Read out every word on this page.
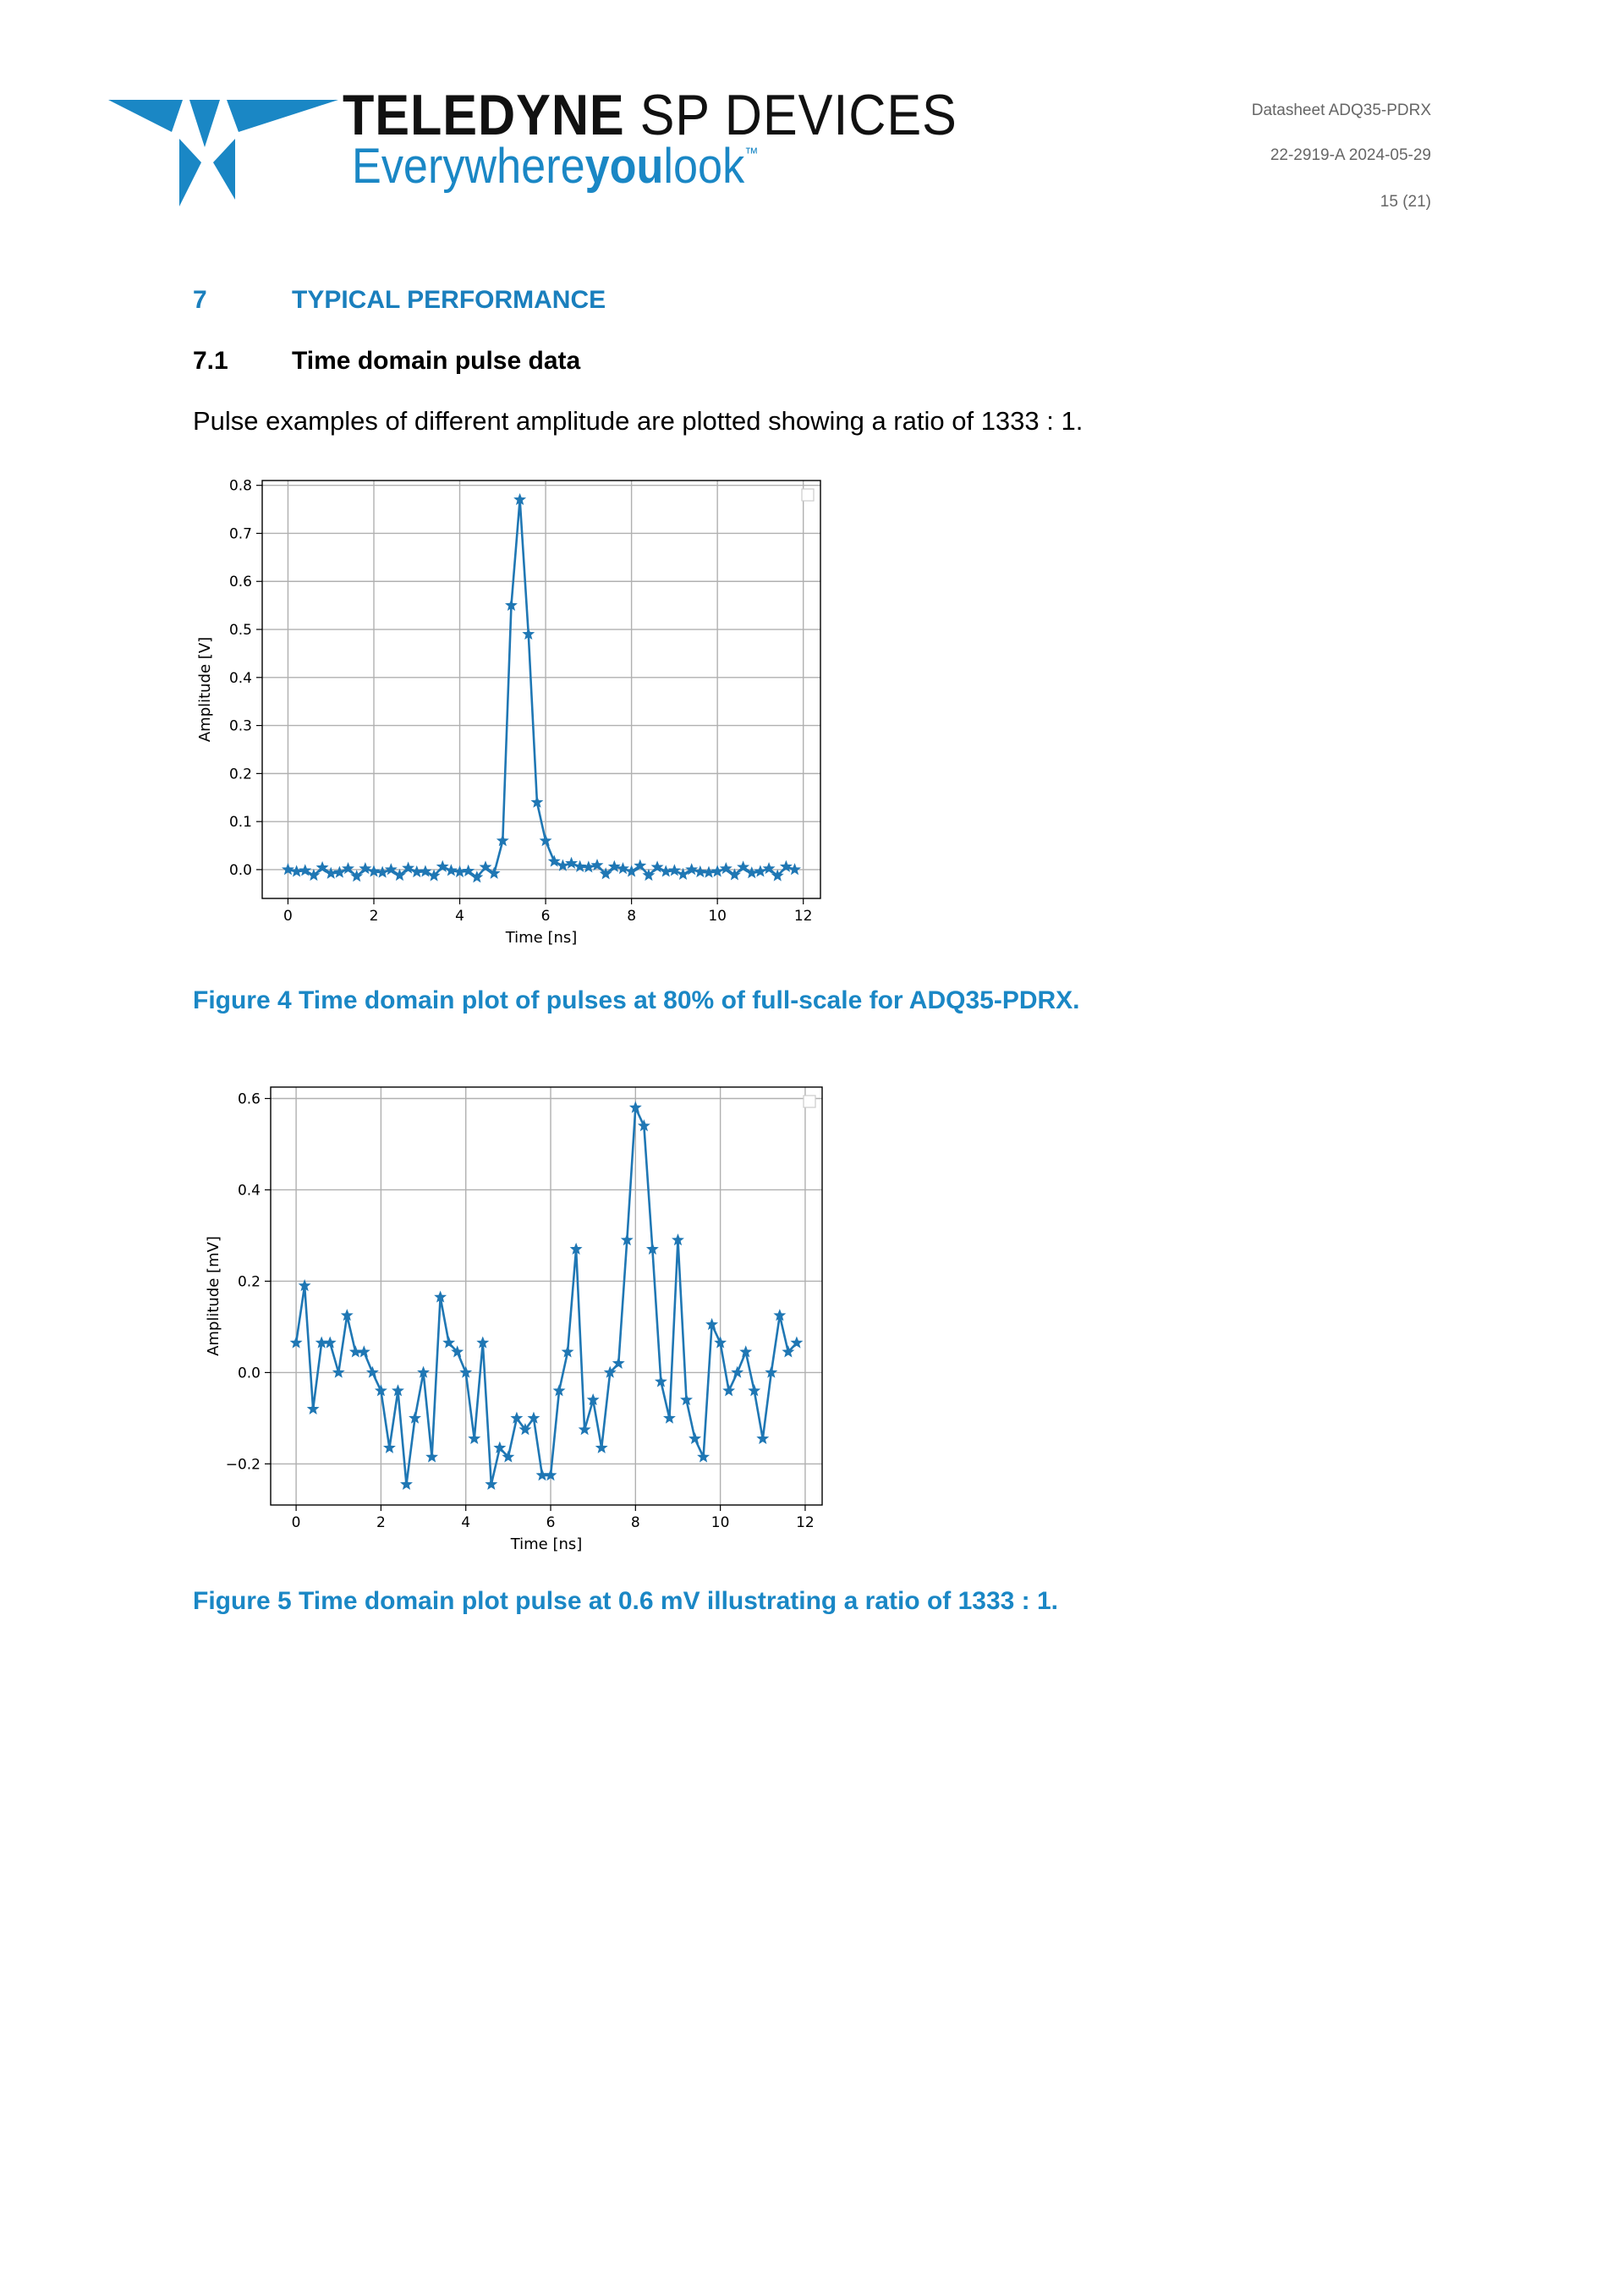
TELEDYNE SP DEVICES
Everywhereyoulook™
Datasheet ADQ35-PDRX
22-2919-A 2024-05-29
15 (21)
7	TYPICAL PERFORMANCE
7.1	Time domain pulse data
Pulse examples of different amplitude are plotted showing a ratio of 1333 : 1.
0	2	4	6	8	10	12
0.0
0.1
0.2
0.3
0.4
0.5
0.6
0.7
0.8
Time [ns]
Amplitude [V]
Figure 4 Time domain plot of pulses at 80% of full-scale for ADQ35-PDRX.
0	2	4	6	8	10	12
−0.2
0.0
0.2
0.4
0.6
Time [ns]
Amplitude [mV]
Figure 5 Time domain plot pulse at 0.6 mV illustrating a ratio of 1333 : 1.
